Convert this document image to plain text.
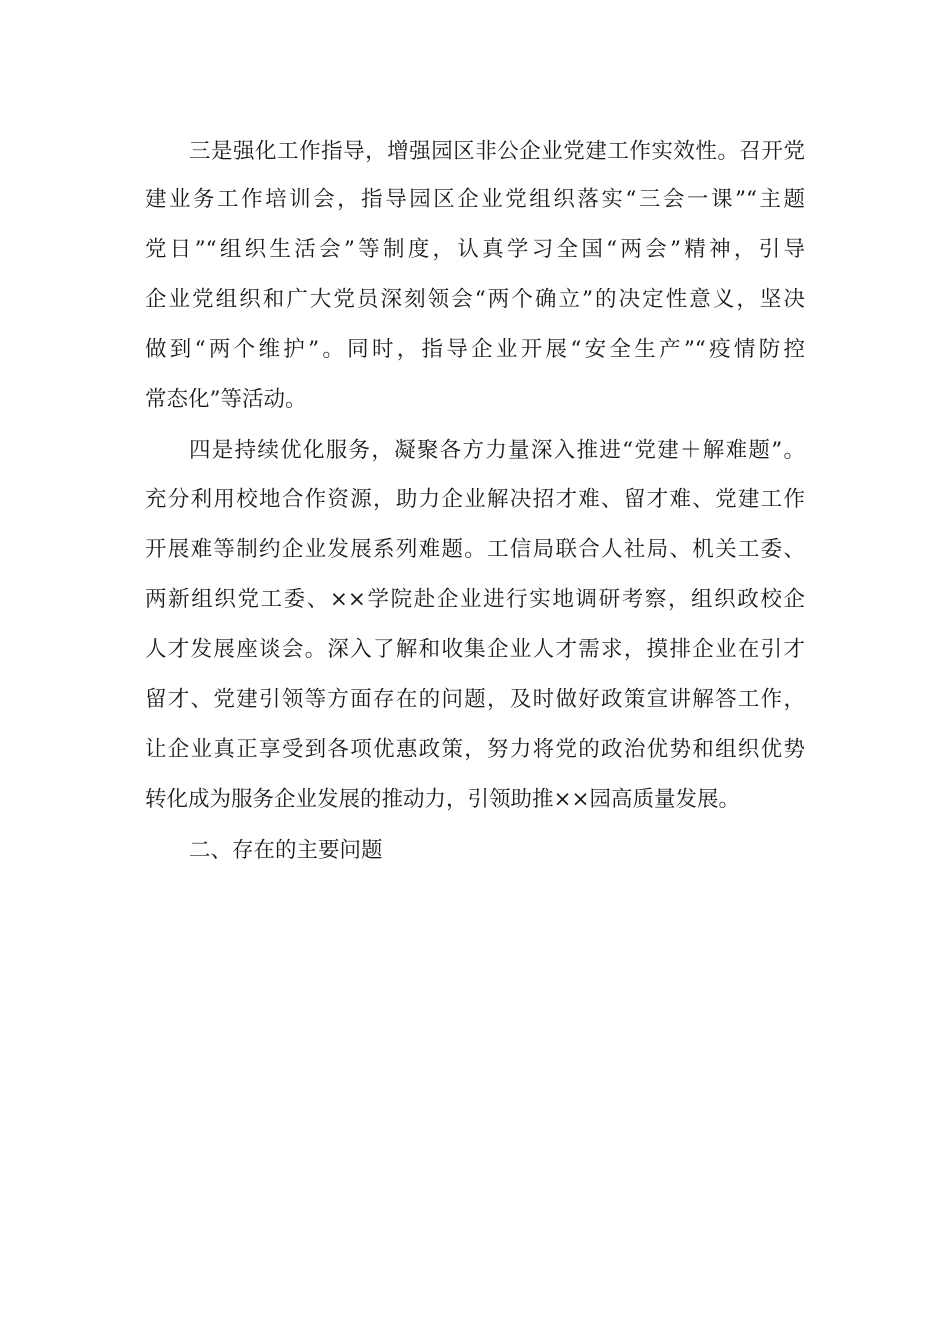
三是强化工作指导，增强园区非公企业党建工作实效性。召开党
建业务工作培训会，指导园区企业党组织落实“三会一课”“主题
党日”“组织生活会”等制度，认真学习全国“两会”精神，引导
企业党组织和广大党员深刻领会“两个确立”的决定性意义，坚决
做到“两个维护”。同时，指导企业开展“安全生产”“疫情防控
常态化”等活动。
四是持续优化服务，凝聚各方力量深入推进“党建＋解难题”。
充分利用校地合作资源，助力企业解决招才难、留才难、党建工作
开展难等制约企业发展系列难题。工信局联合人社局、机关工委、
两新组织党工委、××学院赴企业进行实地调研考察，组织政校企
人才发展座谈会。深入了解和收集企业人才需求，摸排企业在引才
留才、党建引领等方面存在的问题，及时做好政策宣讲解答工作，
让企业真正享受到各项优惠政策，努力将党的政治优势和组织优势
转化成为服务企业发展的推动力，引领助推××园高质量发展。
二、存在的主要问题
